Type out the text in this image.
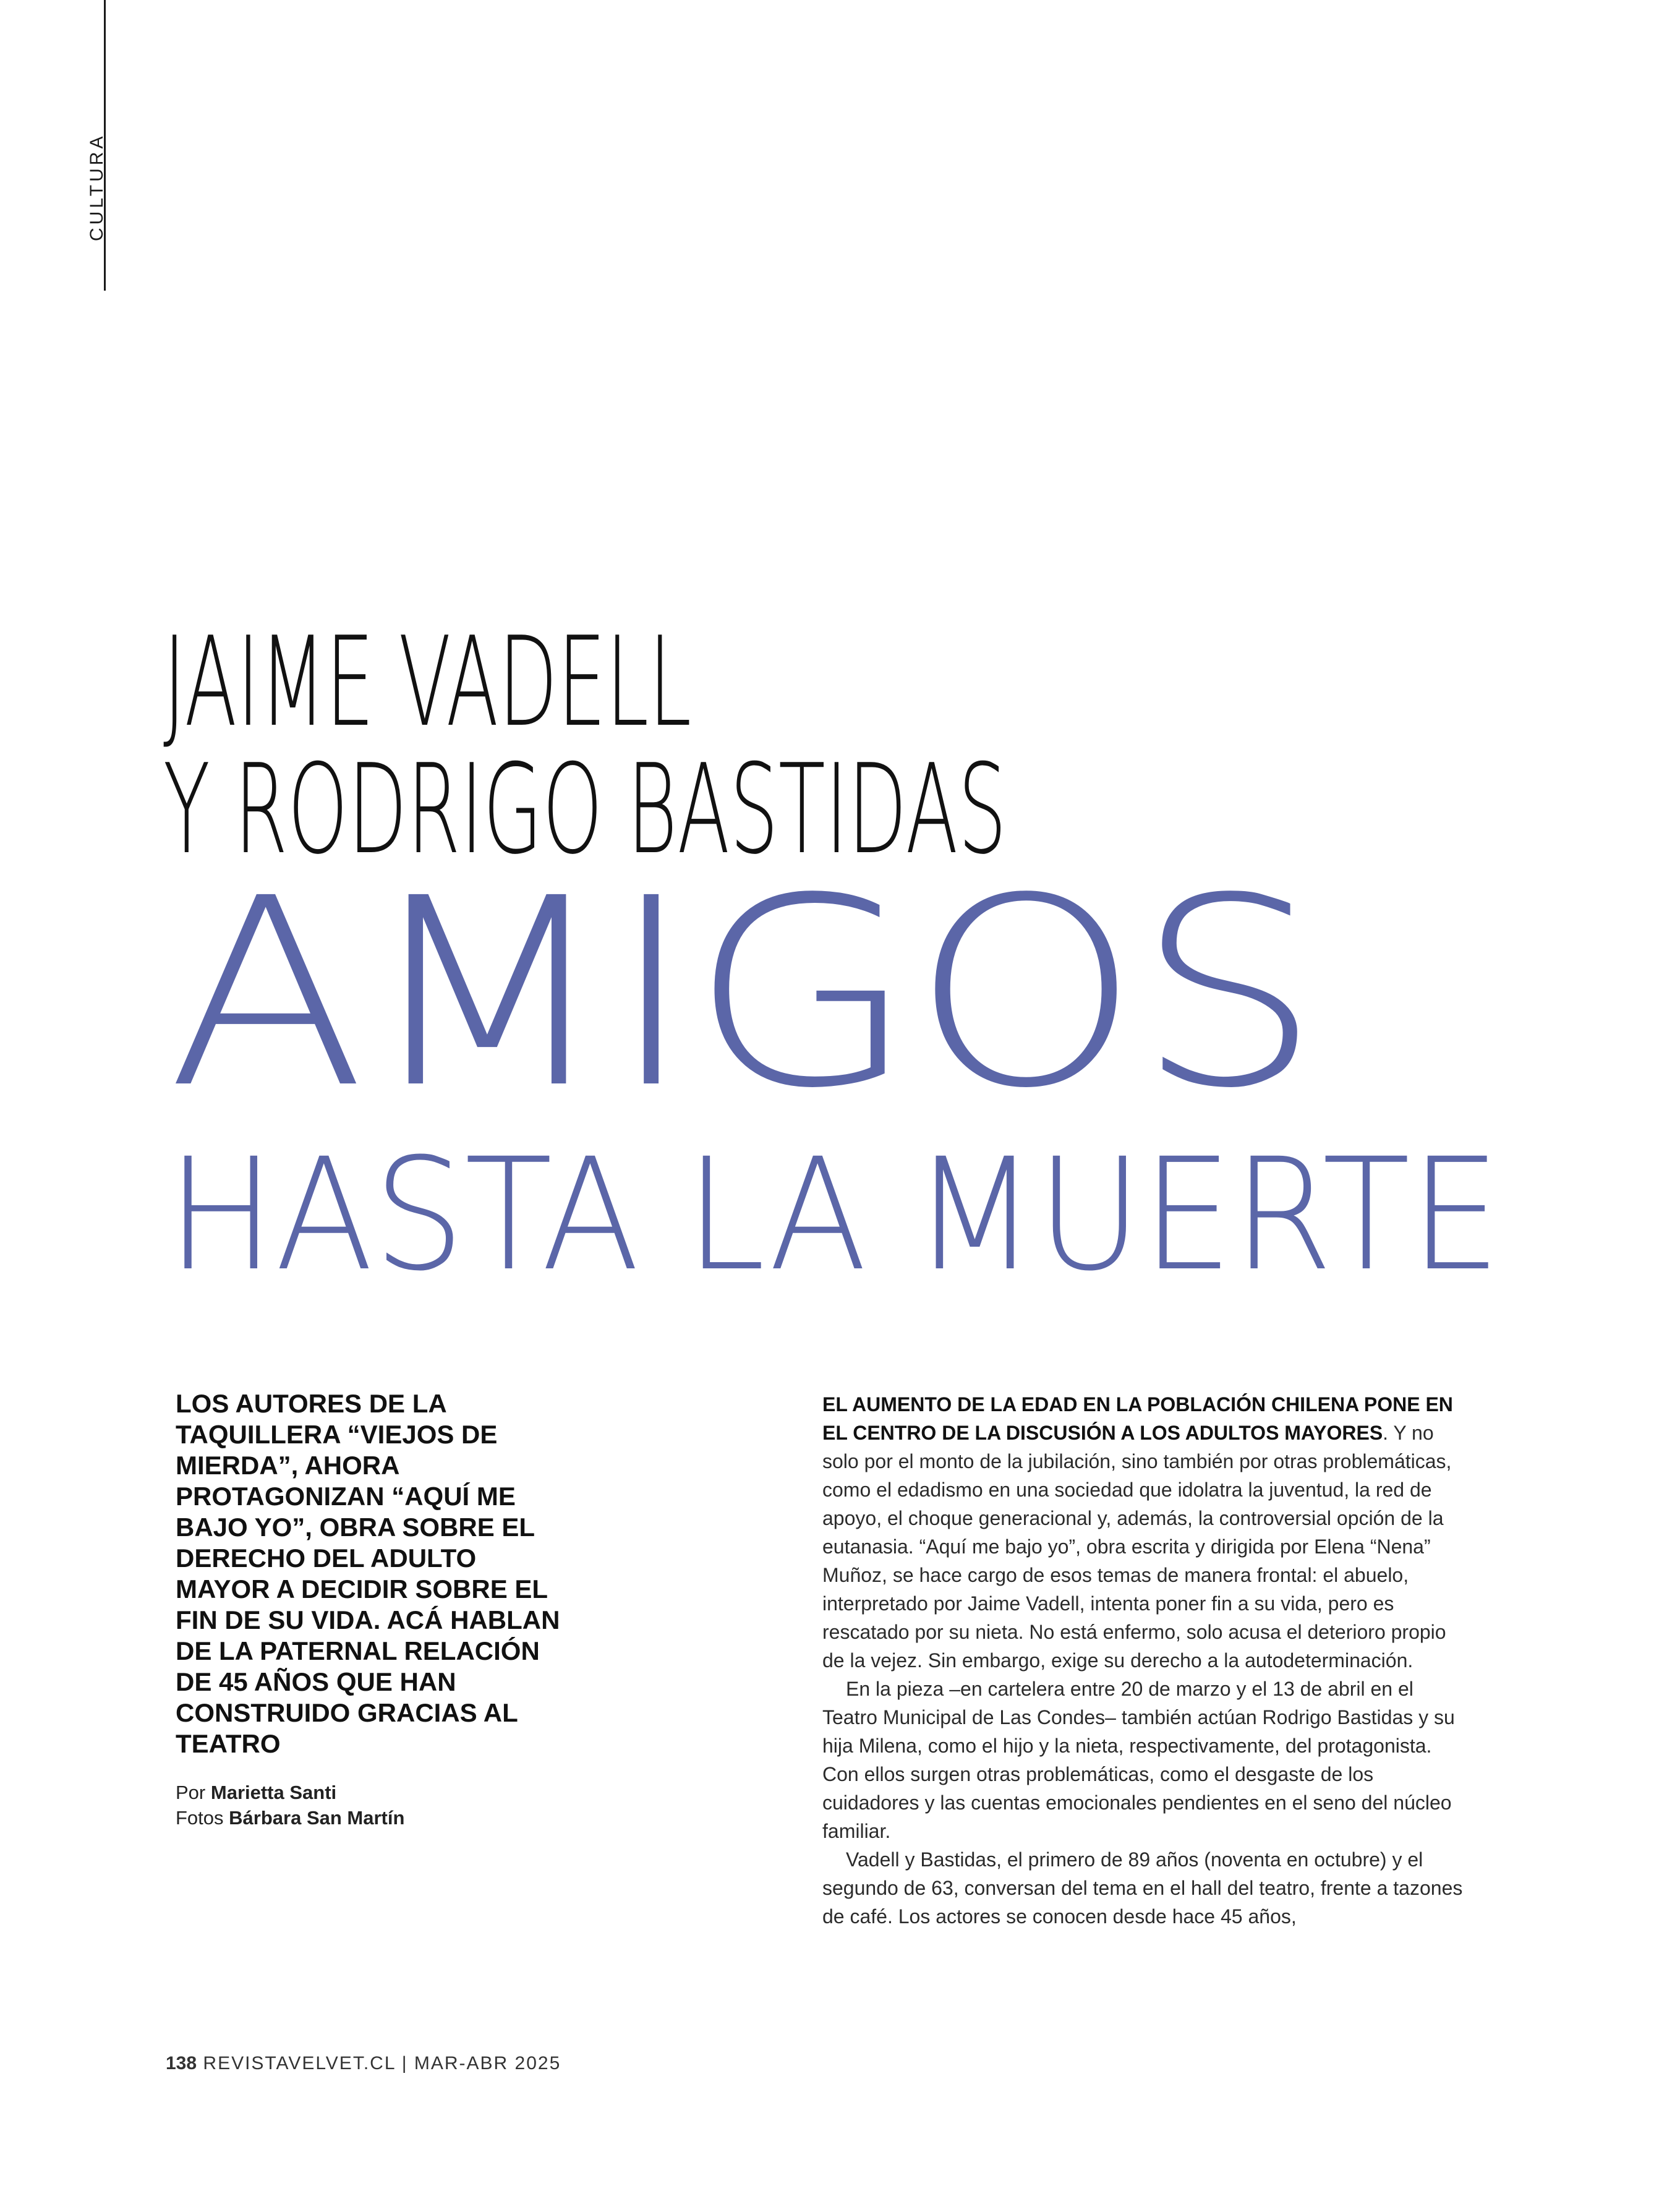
CULTURA
JAIME VADELL
Y RODRIGO BASTIDAS
AMIGOS
HASTA LA MUERTE
LOS AUTORES DE LA TAQUILLERA “VIEJOS DE MIERDA”, AHORA PROTAGONIZAN “AQUÍ ME BAJO YO”, OBRA SOBRE EL DERECHO DEL ADULTO MAYOR A DECIDIR SOBRE EL FIN DE SU VIDA. ACÁ HABLAN DE LA PATERNAL RELACIÓN DE 45 AÑOS QUE HAN CONSTRUIDO GRACIAS AL TEATRO
Por Marietta Santi
Fotos Bárbara San Martín

EL AUMENTO DE LA EDAD EN LA POBLACIÓN CHILENA PONE EN EL CENTRO DE LA DISCUSIÓN A LOS ADULTOS MAYORES. Y no solo por el monto de la jubilación, sino también por otras problemáticas, como el edadismo en una sociedad que idolatra la juventud, la red de apoyo, el choque generacional y, además, la controversial opción de la eutanasia. “Aquí me bajo yo”, obra escrita y dirigida por Elena “Nena” Muñoz, se hace cargo de esos temas de manera frontal: el abuelo, interpretado por Jaime Vadell, intenta poner fin a su vida, pero es rescatado por su nieta. No está enfermo, solo acusa el deterioro propio de la vejez. Sin embargo, exige su derecho a la autodeterminación.

En la pieza –en cartelera entre 20 de marzo y el 13 de abril en el Teatro Municipal de Las Condes– también actúan Rodrigo Bastidas y su hija Milena, como el hijo y la nieta, respectivamente, del protagonista. Con ellos surgen otras problemáticas, como el desgaste de los cuidadores y las cuentas emocionales pendientes en el seno del núcleo familiar.

Vadell y Bastidas, el primero de 89 años (noventa en octubre) y el segundo de 63, conversan del tema en el hall del teatro, frente a tazones de café. Los actores se conocen desde hace 45 años,

138 REVISTAVELVET.CL | MAR-ABR 2025
